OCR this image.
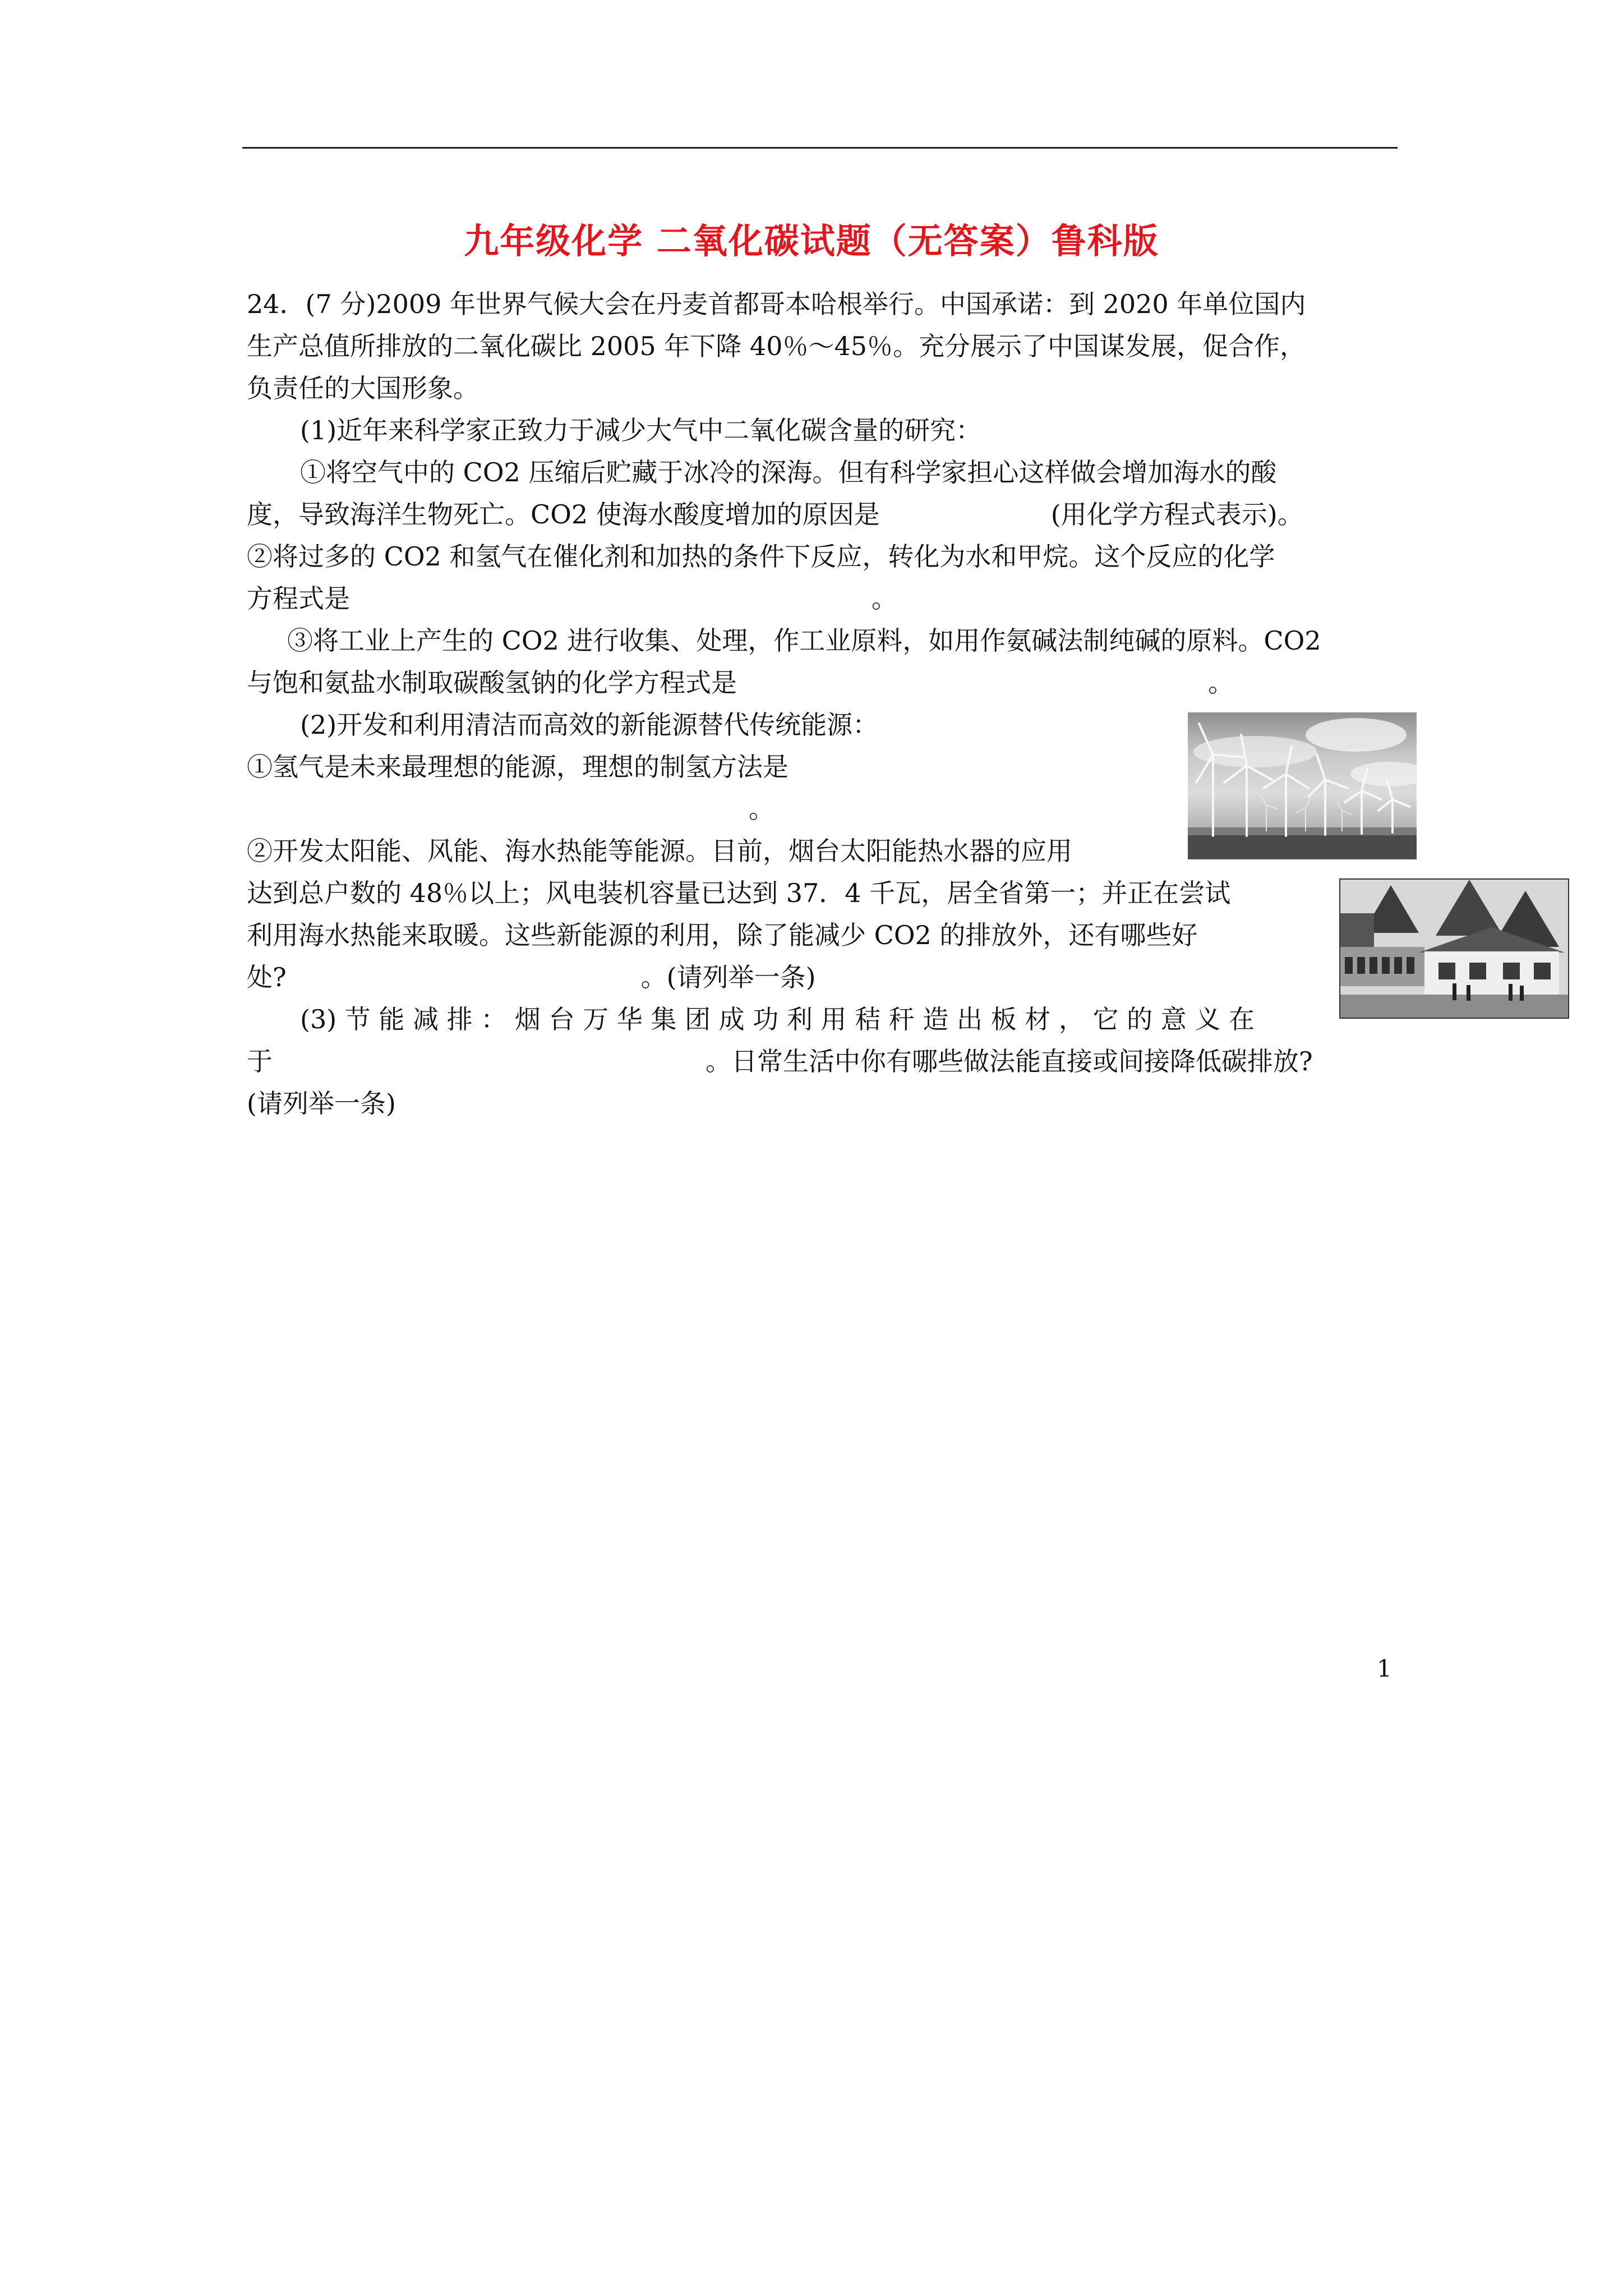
九年级化学 二氧化碳试题（无答案）鲁科版
24．(7 分)2009 年世界气候大会在丹麦首都哥本哈根举行。中国承诺：到 2020 年单位国内
生产总值所排放的二氧化碳比 2005 年下降 40％～45％。充分展示了中国谋发展，促合作，
负责任的大国形象。
(1)近年来科学家正致力于减少大气中二氧化碳含量的研究：
①将空气中的 CO2 压缩后贮藏于冰冷的深海。但有科学家担心这样做会增加海水的酸
度，导致海洋生物死亡。CO2 使海水酸度增加的原因是	(用化学方程式表示)。
②将过多的 CO2 和氢气在催化剂和加热的条件下反应，转化为水和甲烷。这个反应的化学
方程式是	。
③将工业上产生的 CO2 进行收集、处理，作工业原料，如用作氨碱法制纯碱的原料。CO2
与饱和氨盐水制取碳酸氢钠的化学方程式是	。
(2)开发和利用清洁而高效的新能源替代传统能源：
①氢气是未来最理想的能源，理想的制氢方法是
。
②开发太阳能、风能、海水热能等能源。目前，烟台太阳能热水器的应用
达到总户数的 48％以上；风电装机容量已达到 37．4 千瓦，居全省第一；并正在尝试
利用海水热能来取暖。这些新能源的利用，除了能减少 CO2 的排放外，还有哪些好
处?	。(请列举一条)
(3) 节 能 减 排 ： 烟 台 万 华 集 团 成 功 利 用 秸 秆 造 出 板 材 ， 它 的 意 义 在
于	。日常生活中你有哪些做法能直接或间接降低碳排放?
(请列举一条)
1
